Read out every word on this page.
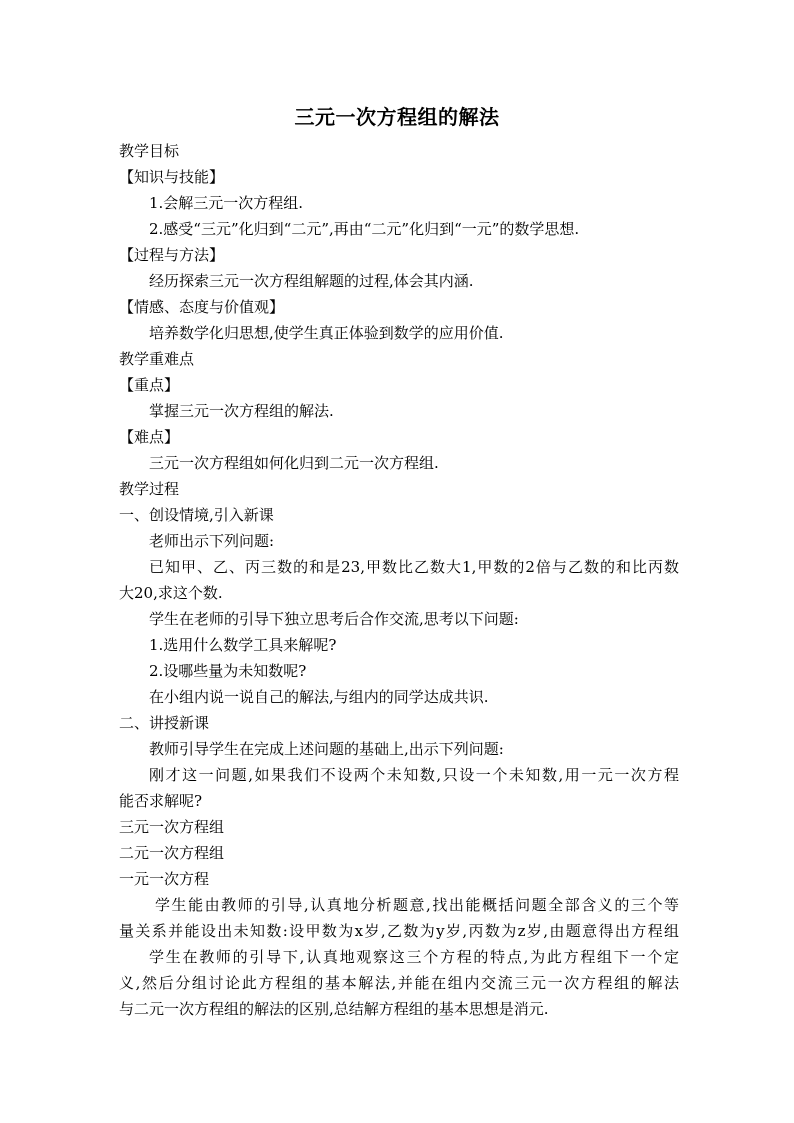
三元一次方程组的解法
教学目标
【知识与技能】
1.会解三元一次方程组.
2.感受“三元”化归到“二元”,再由“二元”化归到“一元”的数学思想.
【过程与方法】
经历探索三元一次方程组解题的过程,体会其内涵.
【情感、态度与价值观】
培养数学化归思想,使学生真正体验到数学的应用价值.
教学重难点
【重点】
掌握三元一次方程组的解法.
【难点】
三元一次方程组如何化归到二元一次方程组.
教学过程
一、创设情境,引入新课
老师出示下列问题:
已知甲、乙、丙三数的和是23,甲数比乙数大1,甲数的2倍与乙数的和比丙数
大20,求这个数.
学生在老师的引导下独立思考后合作交流,思考以下问题:
1.选用什么数学工具来解呢?
2.设哪些量为未知数呢?
在小组内说一说自己的解法,与组内的同学达成共识.
二、讲授新课
教师引导学生在完成上述问题的基础上,出示下列问题:
刚才这一问题,如果我们不设两个未知数,只设一个未知数,用一元一次方程
能否求解呢?
三元一次方程组
二元一次方程组
一元一次方程
学生能由教师的引导,认真地分析题意,找出能概括问题全部含义的三个等
量关系并能设出未知数:设甲数为x岁,乙数为y岁,丙数为z岁,由题意得出方程组
学生在教师的引导下,认真地观察这三个方程的特点,为此方程组下一个定
义,然后分组讨论此方程组的基本解法,并能在组内交流三元一次方程组的解法
与二元一次方程组的解法的区别,总结解方程组的基本思想是消元.
